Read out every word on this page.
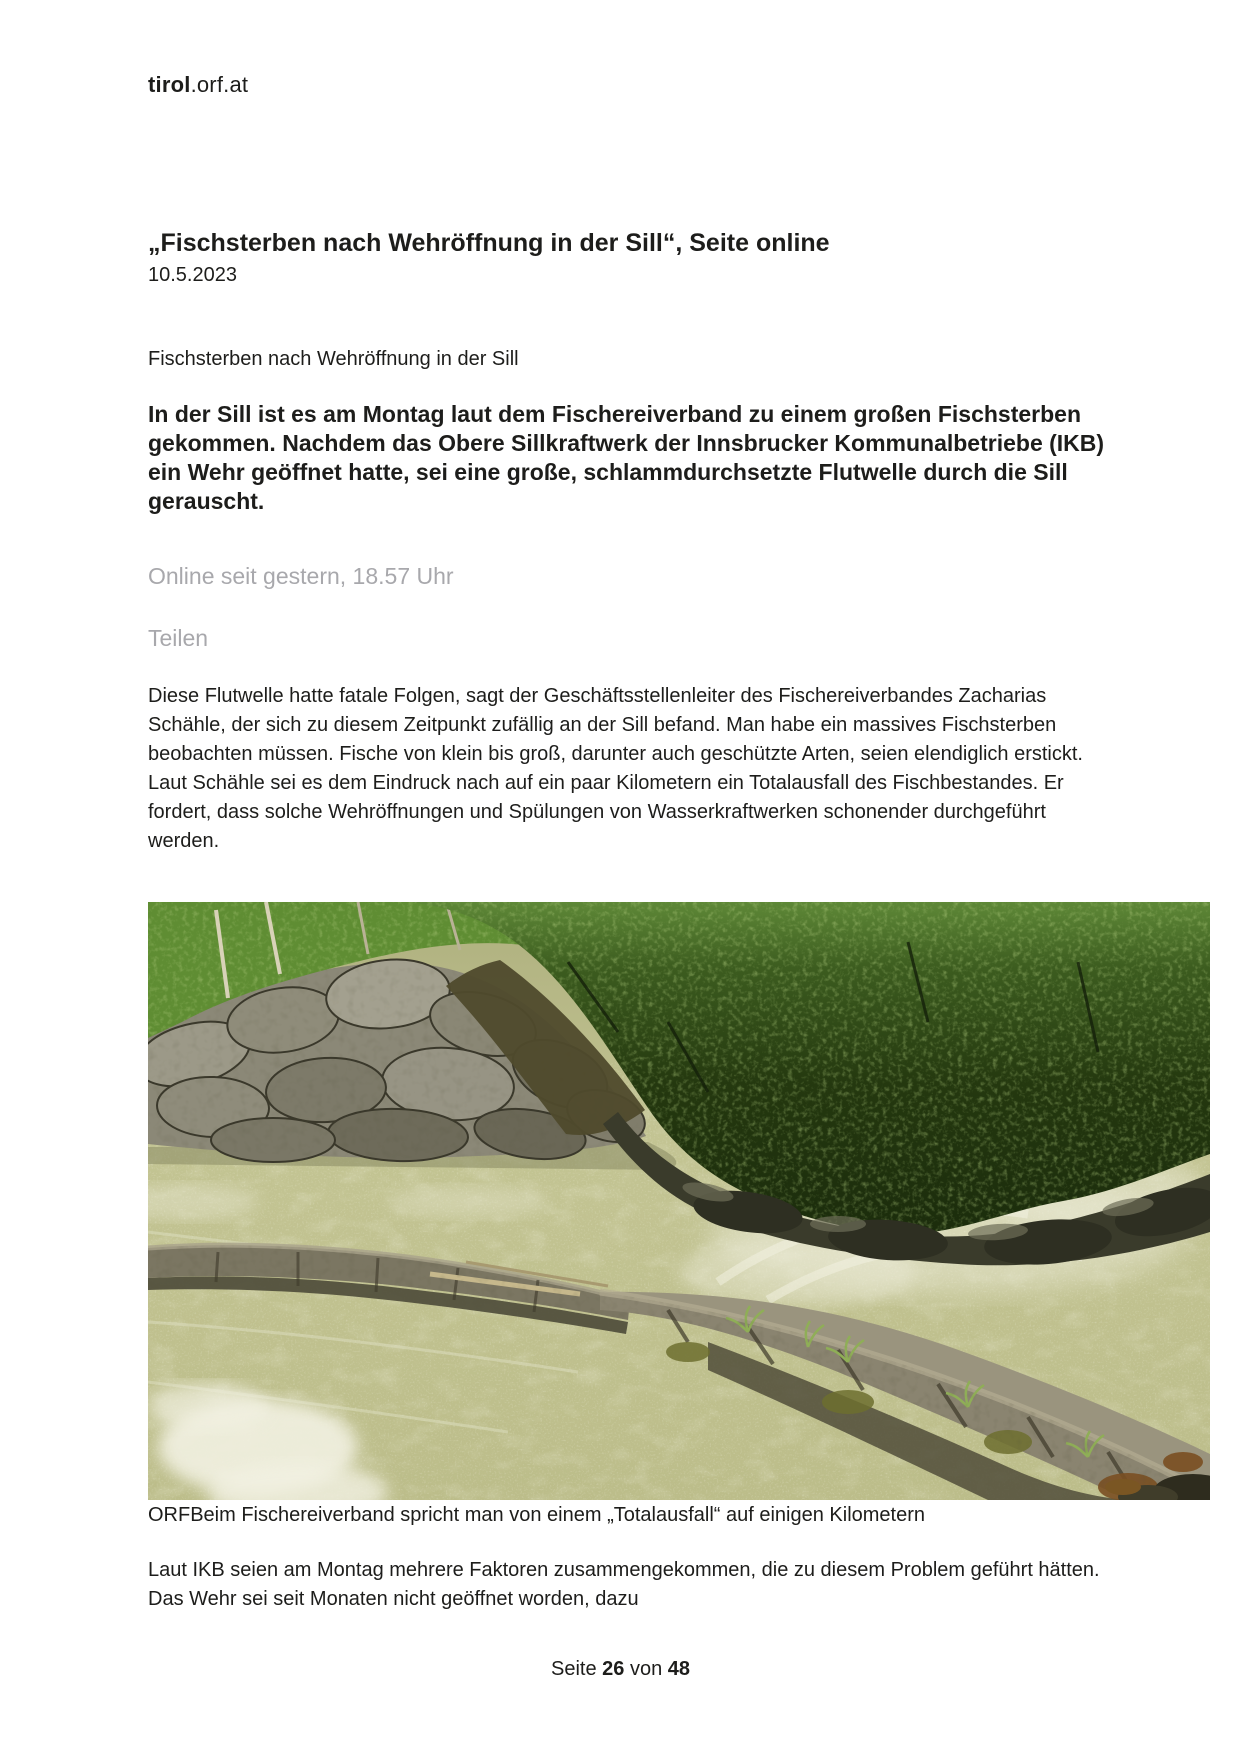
tirol.orf.at
„Fischsterben nach Wehröffnung in der Sill“, Seite online
10.5.2023
Fischsterben nach Wehröffnung in der Sill
In der Sill ist es am Montag laut dem Fischereiverband zu einem großen Fischsterben gekommen. Nachdem das Obere Sillkraftwerk der Innsbrucker Kommunalbetriebe (IKB) ein Wehr geöffnet hatte, sei eine große, schlammdurchsetzte Flutwelle durch die Sill gerauscht.
Online seit gestern, 18.57 Uhr
Teilen
Diese Flutwelle hatte fatale Folgen, sagt der Geschäftsstellenleiter des Fischereiverbandes Zacharias Schähle, der sich zu diesem Zeitpunkt zufällig an der Sill befand. Man habe ein massives Fischsterben beobachten müssen. Fische von klein bis groß, darunter auch geschützte Arten, seien elendiglich erstickt. Laut Schähle sei es dem Eindruck nach auf ein paar Kilometern ein Totalausfall des Fischbestandes. Er fordert, dass solche Wehröffnungen und Spülungen von Wasserkraftwerken schonender durchgeführt werden.
ORFBeim Fischereiverband spricht man von einem „Totalausfall“ auf einigen Kilometern
Laut IKB seien am Montag mehrere Faktoren zusammengekommen, die zu diesem Problem geführt hätten. Das Wehr sei seit Monaten nicht geöffnet worden, dazu
Seite 26 von 48
